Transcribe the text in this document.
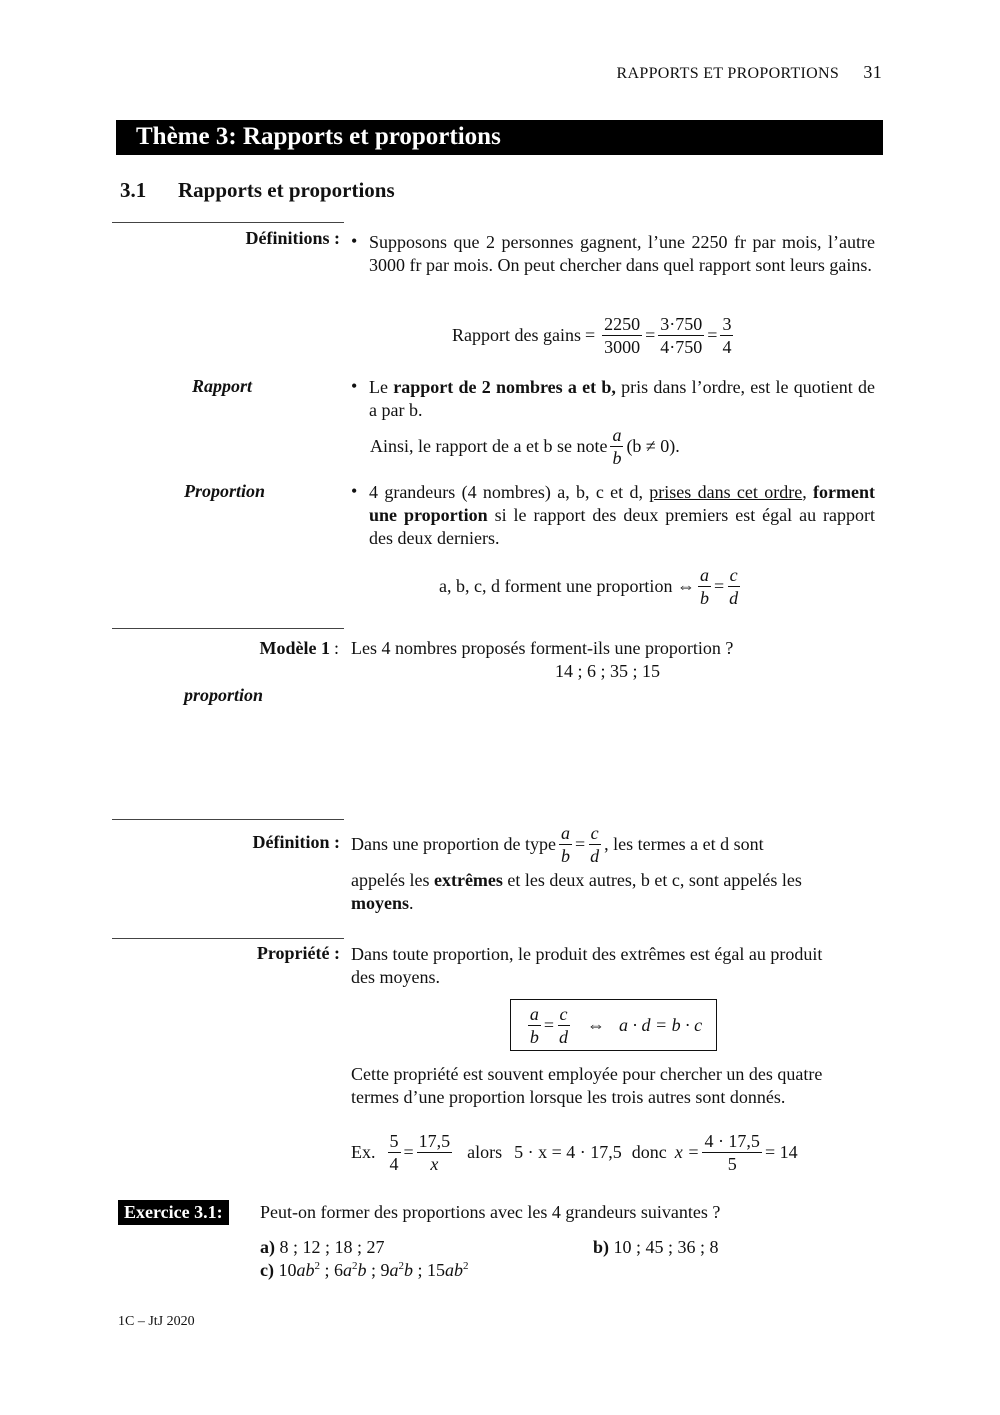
RAPPORTS ET PROPORTIONS 31
Thème 3: Rapports et proportions
3.1 Rapports et proportions
Définitions : • Supposons que 2 personnes gagnent, l’une 2250 fr par mois, l’autre 3000 fr par mois. On peut chercher dans quel rapport sont leurs gains.
Rapport des gains = $\frac{2250}{3000} = \frac{3\cdot 750}{4\cdot 750} = \frac{3}{4}$
Rapport	• Le rapport de 2 nombres a et b, pris dans l’ordre, est le quotient de a par b.
Ainsi, le rapport de a et b se note $\frac{a}{b} (b \ne 0)$.
Proportion	• 4 grandeurs (4 nombres) a, b, c et d, prises dans cet ordre, forment une proportion si le rapport des deux premiers est égal au rapport des deux derniers.
a, b, c, d forment une proportion ⇔ $\frac{a}{b} = \frac{c}{d}$
Modèle 1 : Les 4 nombres proposés forment-ils une proportion ?
14 ; 6 ; 35 ; 15
proportion
Définition : Dans une proportion de type $\frac{a}{b} = \frac{c}{d}$ , les termes a et d sont
appelés les extrêmes et les deux autres, b et c, sont appelés les
moyens.
Propriété : Dans toute proportion, le produit des extrêmes est égal au produit des moyens.
$\frac{a}{b} = \frac{c}{d}$ ⇔ a · d = b · c
Cette propriété est souvent employée pour chercher un des quatre termes d’une proportion lorsque les trois autres sont donnés.
Ex. $\frac{5}{4} = \frac{17,5}{x}$ alors 5 · x = 4 · 17,5 donc $x = \frac{4 \cdot 17,5}{5} = 14$
Exercice 3.1:	Peut-on former des proportions avec les 4 grandeurs suivantes ?
a) 8 ; 12 ; 18 ; 27	b) 10 ; 45 ; 36 ; 8
c) $10ab^2$ ; $6a^2b$ ; $9a^2b$ ; $15ab^2$
1C – JtJ 2020
